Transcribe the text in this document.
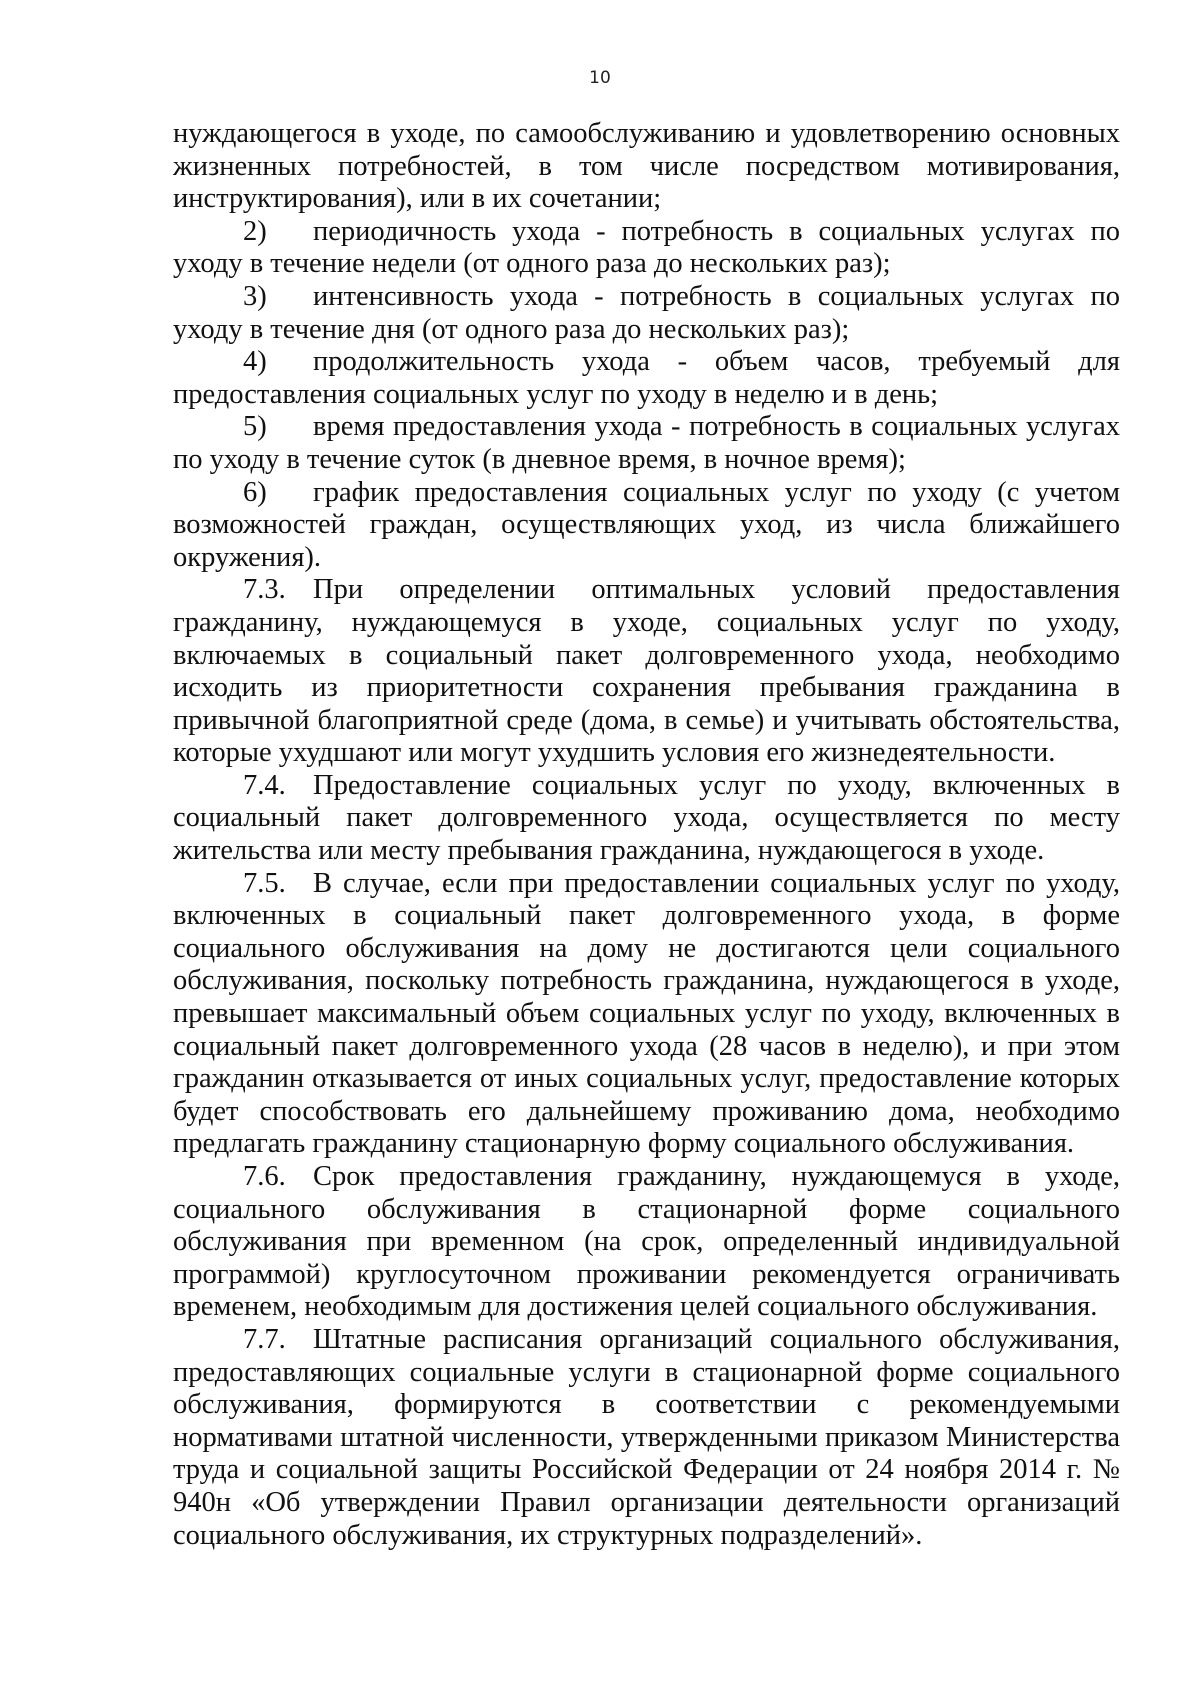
10

нуждающегося в уходе, по самообслуживанию и удовлетворению основных жизненных потребностей, в том числе посредством мотивирования, инструктирования), или в их сочетании;

2) периодичность ухода - потребность в социальных услугах по уходу в течение недели (от одного раза до нескольких раз);

3) интенсивность ухода - потребность в социальных услугах по уходу в течение дня (от одного раза до нескольких раз);

4) продолжительность ухода - объем часов, требуемый для предоставления социальных услуг по уходу в неделю и в день;

5) время предоставления ухода - потребность в социальных услугах по уходу в течение суток (в дневное время, в ночное время);

6) график предоставления социальных услуг по уходу (с учетом возможностей граждан, осуществляющих уход, из числа ближайшего окружения).

7.3. При определении оптимальных условий предоставления гражданину, нуждающемуся в уходе, социальных услуг по уходу, включаемых в социальный пакет долговременного ухода, необходимо исходить из приоритетности сохранения пребывания гражданина в привычной благоприятной среде (дома, в семье) и учитывать обстоятельства, которые ухудшают или могут ухудшить условия его жизнедеятельности.

7.4. Предоставление социальных услуг по уходу, включенных в социальный пакет долговременного ухода, осуществляется по месту жительства или месту пребывания гражданина, нуждающегося в уходе.

7.5. В случае, если при предоставлении социальных услуг по уходу, включенных в социальный пакет долговременного ухода, в форме социального обслуживания на дому не достигаются цели социального обслуживания, поскольку потребность гражданина, нуждающегося в уходе, превышает максимальный объем социальных услуг по уходу, включенных в социальный пакет долговременного ухода (28 часов в неделю), и при этом гражданин отказывается от иных социальных услуг, предоставление которых будет способствовать его дальнейшему проживанию дома, необходимо предлагать гражданину стационарную форму социального обслуживания.

7.6. Срок предоставления гражданину, нуждающемуся в уходе, социального обслуживания в стационарной форме социального обслуживания при временном (на срок, определенный индивидуальной программой) круглосуточном проживании рекомендуется ограничивать временем, необходимым для достижения целей социального обслуживания.

7.7. Штатные расписания организаций социального обслуживания, предоставляющих социальные услуги в стационарной форме социального обслуживания, формируются в соответствии с рекомендуемыми нормативами штатной численности, утвержденными приказом Министерства труда и социальной защиты Российской Федерации от 24 ноября 2014 г. № 940н «Об утверждении Правил организации деятельности организаций социального обслуживания, их структурных подразделений».
